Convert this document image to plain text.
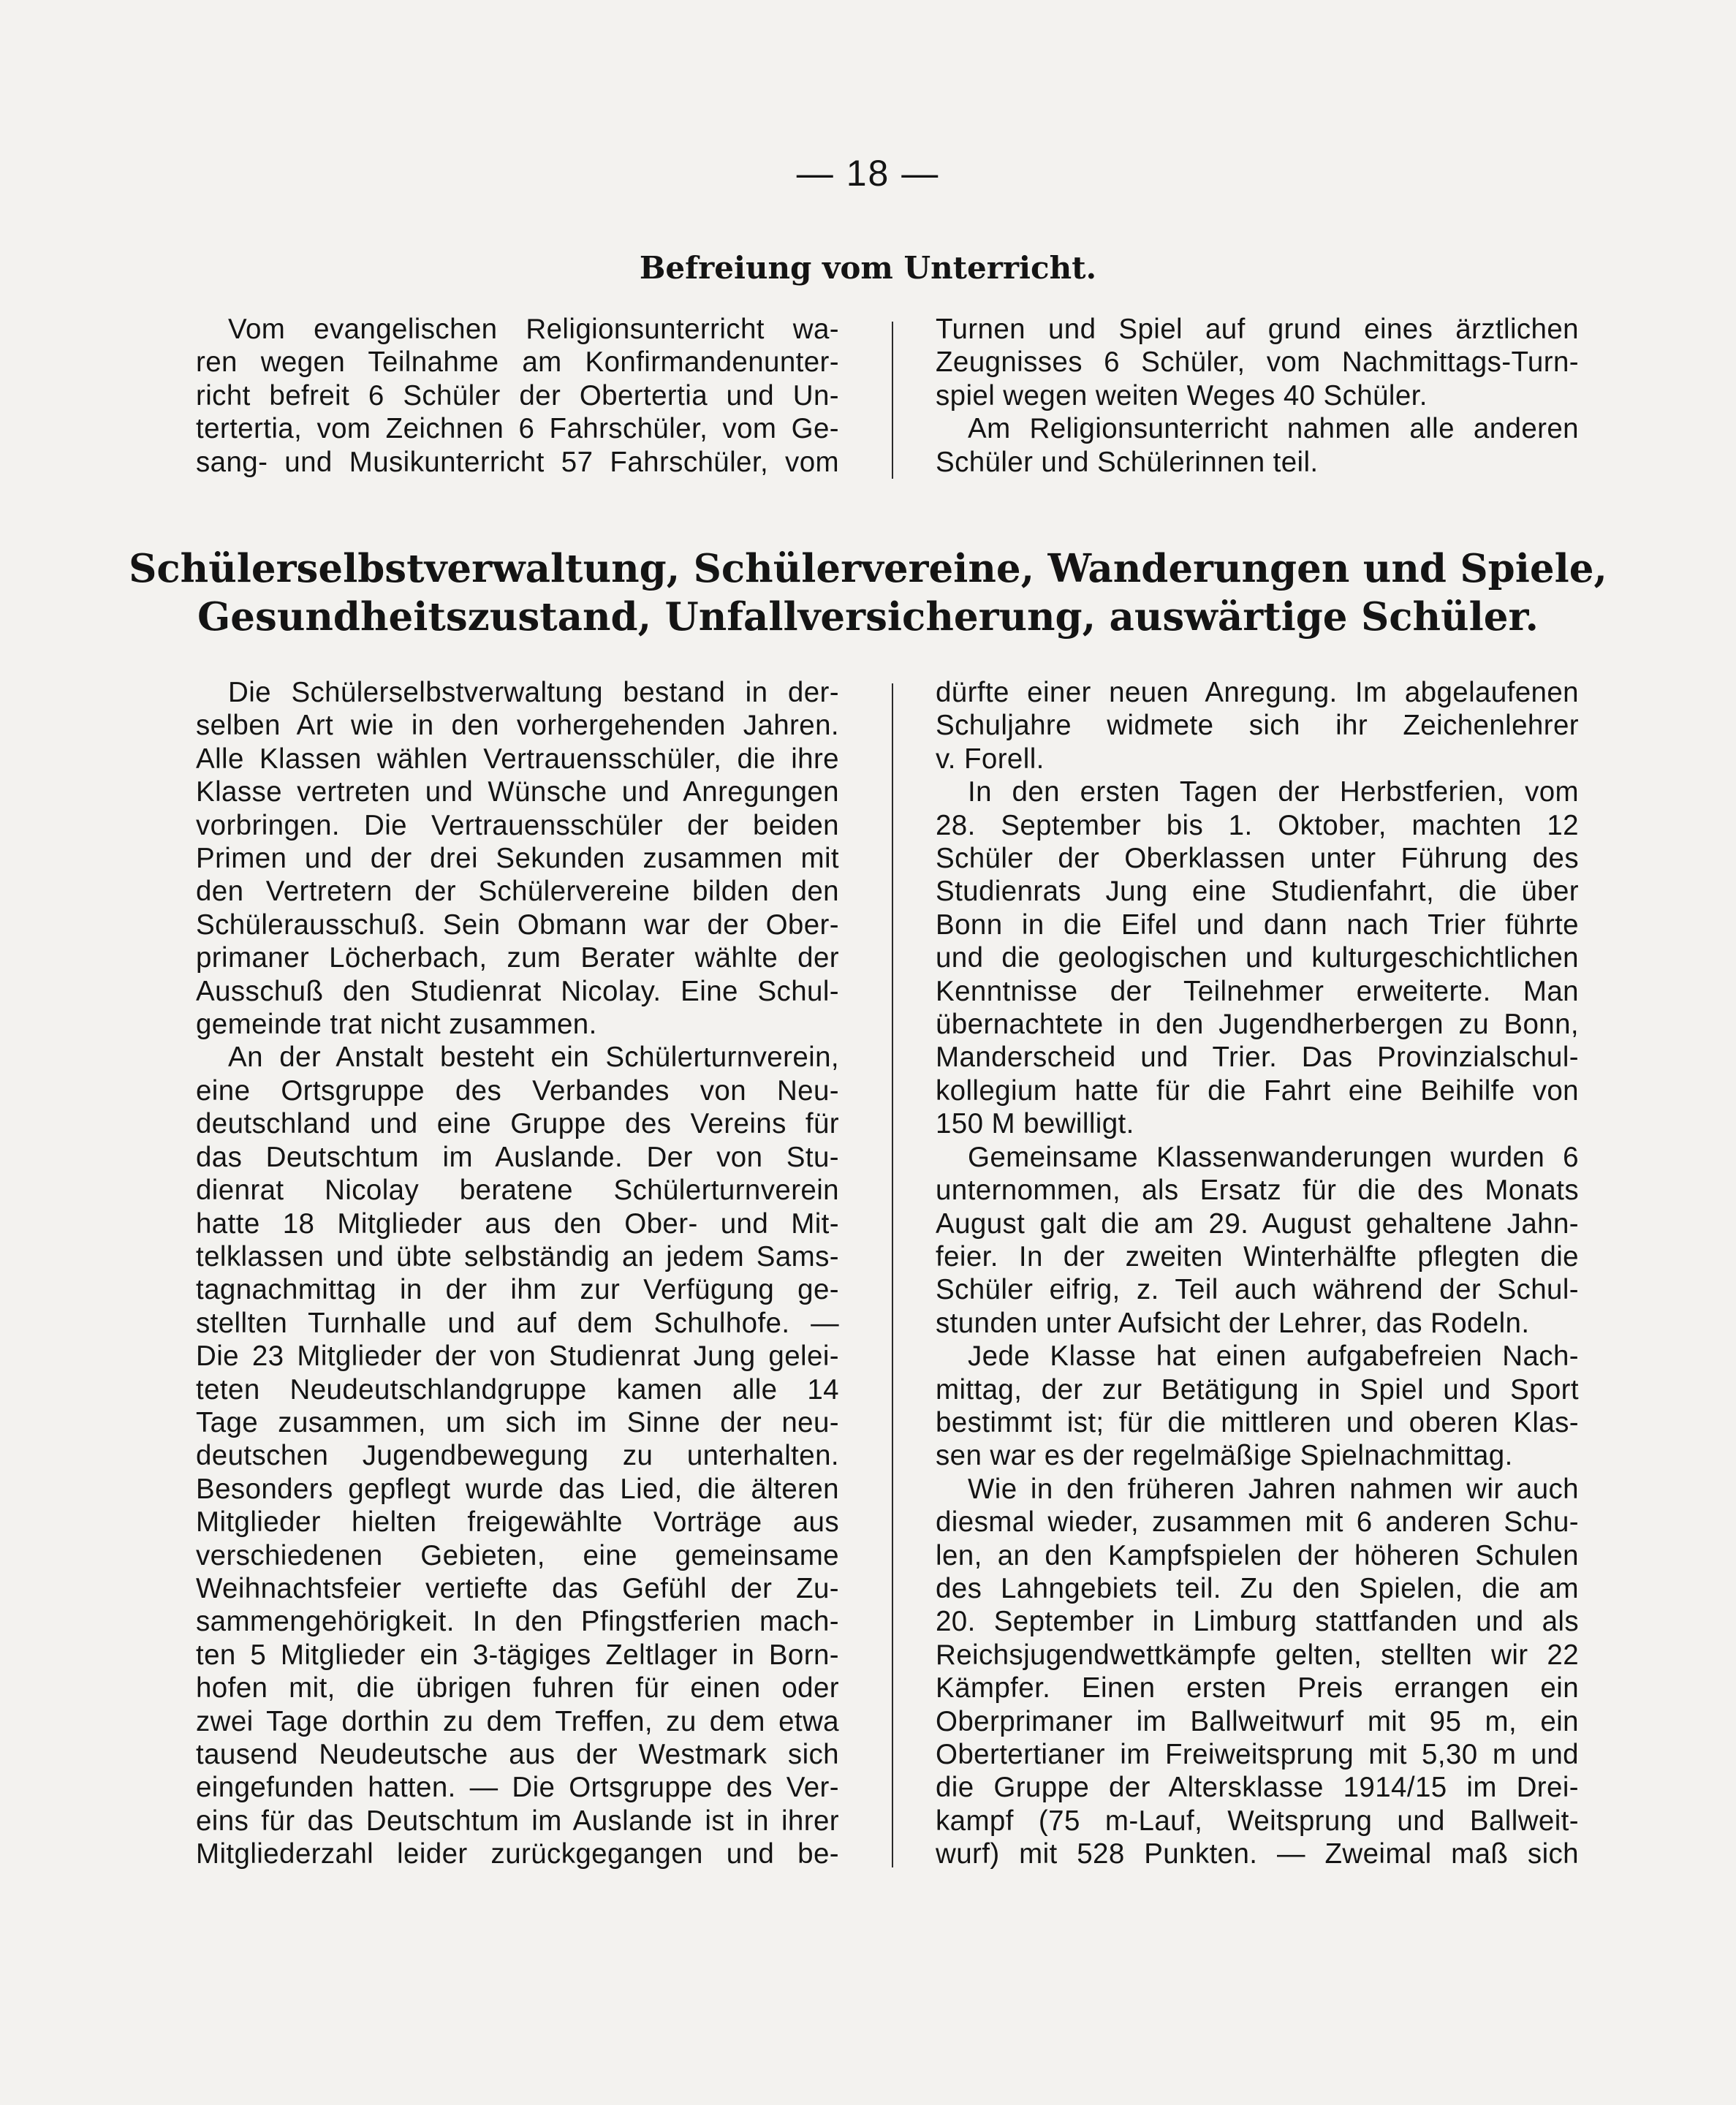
— 18 —
Befreiung vom Unterricht.
Vom evangelischen Religionsunterricht wa-
ren wegen Teilnahme am Konfirmandenunter-
richt befreit 6 Schüler der Obertertia und Un-
tertertia, vom Zeichnen 6 Fahrschüler, vom Ge-
sang- und Musikunterricht 57 Fahrschüler, vom
Turnen und Spiel auf grund eines ärztlichen
Zeugnisses 6 Schüler, vom Nachmittags-Turn-
spiel wegen weiten Weges 40 Schüler.
Am Religionsunterricht nahmen alle anderen
Schüler und Schülerinnen teil.
Schülerselbstverwaltung, Schülervereine, Wanderungen und Spiele,
Gesundheitszustand, Unfallversicherung, auswärtige Schüler.
Die Schülerselbstverwaltung bestand in der-
selben Art wie in den vorhergehenden Jahren.
Alle Klassen wählen Vertrauensschüler, die ihre
Klasse vertreten und Wünsche und Anregungen
vorbringen. Die Vertrauensschüler der beiden
Primen und der drei Sekunden zusammen mit
den Vertretern der Schülervereine bilden den
Schülerausschuß. Sein Obmann war der Ober-
primaner Löcherbach, zum Berater wählte der
Ausschuß den Studienrat Nicolay. Eine Schul-
gemeinde trat nicht zusammen.
An der Anstalt besteht ein Schülerturnverein,
eine Ortsgruppe des Verbandes von Neu-
deutschland und eine Gruppe des Vereins für
das Deutschtum im Auslande. Der von Stu-
dienrat Nicolay beratene Schülerturnverein
hatte 18 Mitglieder aus den Ober- und Mit-
telklassen und übte selbständig an jedem Sams-
tagnachmittag in der ihm zur Verfügung ge-
stellten Turnhalle und auf dem Schulhofe. —
Die 23 Mitglieder der von Studienrat Jung gelei-
teten Neudeutschlandgruppe kamen alle 14
Tage zusammen, um sich im Sinne der neu-
deutschen Jugendbewegung zu unterhalten.
Besonders gepflegt wurde das Lied, die älteren
Mitglieder hielten freigewählte Vorträge aus
verschiedenen Gebieten, eine gemeinsame
Weihnachtsfeier vertiefte das Gefühl der Zu-
sammengehörigkeit. In den Pfingstferien mach-
ten 5 Mitglieder ein 3-tägiges Zeltlager in Born-
hofen mit, die übrigen fuhren für einen oder
zwei Tage dorthin zu dem Treffen, zu dem etwa
tausend Neudeutsche aus der Westmark sich
eingefunden hatten. — Die Ortsgruppe des Ver-
eins für das Deutschtum im Auslande ist in ihrer
Mitgliederzahl leider zurückgegangen und be-
dürfte einer neuen Anregung. Im abgelaufenen
Schuljahre widmete sich ihr Zeichenlehrer
v. Forell.
In den ersten Tagen der Herbstferien, vom
28. September bis 1. Oktober, machten 12
Schüler der Oberklassen unter Führung des
Studienrats Jung eine Studienfahrt, die über
Bonn in die Eifel und dann nach Trier führte
und die geologischen und kulturgeschichtlichen
Kenntnisse der Teilnehmer erweiterte. Man
übernachtete in den Jugendherbergen zu Bonn,
Manderscheid und Trier. Das Provinzialschul-
kollegium hatte für die Fahrt eine Beihilfe von
150 M bewilligt.
Gemeinsame Klassenwanderungen wurden 6
unternommen, als Ersatz für die des Monats
August galt die am 29. August gehaltene Jahn-
feier. In der zweiten Winterhälfte pflegten die
Schüler eifrig, z. Teil auch während der Schul-
stunden unter Aufsicht der Lehrer, das Rodeln.
Jede Klasse hat einen aufgabefreien Nach-
mittag, der zur Betätigung in Spiel und Sport
bestimmt ist; für die mittleren und oberen Klas-
sen war es der regelmäßige Spielnachmittag.
Wie in den früheren Jahren nahmen wir auch
diesmal wieder, zusammen mit 6 anderen Schu-
len, an den Kampfspielen der höheren Schulen
des Lahngebiets teil. Zu den Spielen, die am
20. September in Limburg stattfanden und als
Reichsjugendwettkämpfe gelten, stellten wir 22
Kämpfer. Einen ersten Preis errangen ein
Oberprimaner im Ballweitwurf mit 95 m, ein
Obertertianer im Freiweitsprung mit 5,30 m und
die Gruppe der Altersklasse 1914/15 im Drei-
kampf (75 m-Lauf, Weitsprung und Ballweit-
wurf) mit 528 Punkten. — Zweimal maß sich
